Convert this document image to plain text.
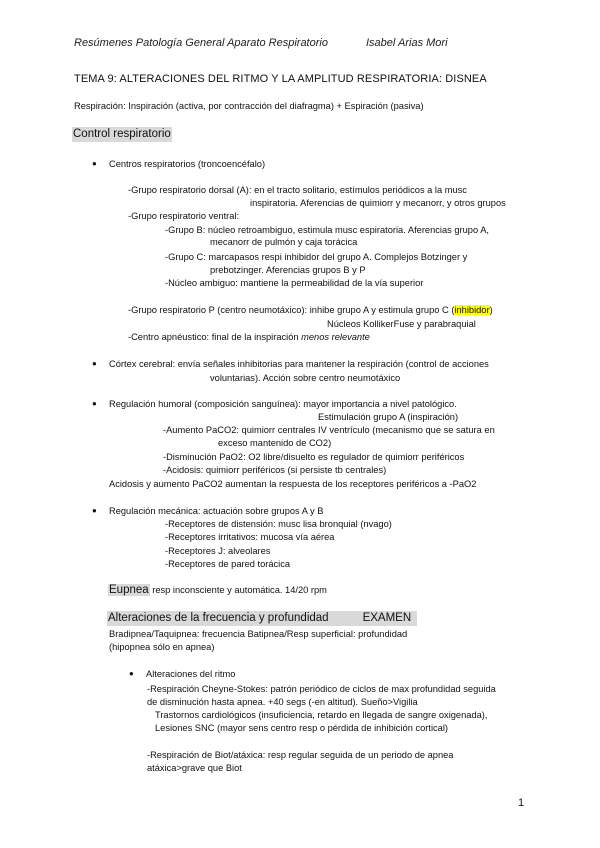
Resúmenes Patología General Aparato Respiratorio	Isabel Arias Mori
TEMA 9: ALTERACIONES DEL RITMO Y LA AMPLITUD RESPIRATORIA: DISNEA
Respiración: Inspiración (activa, por contracción del diafragma) + Espiración (pasiva)
Control respiratorio
● Centros respiratorios (troncoencéfalo)
-Grupo respiratorio dorsal (A): en el tracto solitario, estímulos periódicos a la musc
inspiratoria. Aferencias de quimiorr y mecanorr, y otros grupos
-Grupo respiratorio ventral:
-Grupo B: núcleo retroambiguo, estimula musc espiratoria. Aferencias grupo A,
mecanorr de pulmón y caja torácica
-Grupo C: marcapasos respi inhibidor del grupo A. Complejos Botzinger y
prebotzinger. Aferencias grupos B y P
-Núcleo ambiguo: mantiene la permeabilidad de la vía superior
-Grupo respiratorio P (centro neumotáxico): inhibe grupo A y estimula grupo C (inhibidor)
Núcleos KollikerFuse y parabraquial
-Centro apnéustico: final de la inspiración menos relevante
● Córtex cerebral: envía señales inhibitorias para mantener la respiración (control de acciones
voluntarias). Acción sobre centro neumotáxico
● Regulación humoral (composición sanguínea): mayor importancia a nivel patológico.
Estimulación grupo A (inspiración)
-Aumento PaCO2: quimiorr centrales IV ventrículo (mecanismo que se satura en
exceso mantenido de CO2)
-Disminución PaO2: O2 libre/disuelto es regulador de quimiorr periféricos
-Acidosis: quimiorr periféricos (si persiste tb centrales)
Acidosis y aumento PaCO2 aumentan la respuesta de los receptores periféricos a -PaO2
● Regulación mecánica: actuación sobre grupos A y B
-Receptores de distensión: musc lisa bronquial (nvago)
-Receptores irritativos: mucosa vía aérea
-Receptores J: alveolares
-Receptores de pared torácica
Eupnea resp inconsciente y automática. 14/20 rpm
Alteraciones de la frecuencia y profundidad	EXAMEN
Bradipnea/Taquipnea: frecuencia Batipnea/Resp superficial: profundidad
(hipopnea sólo en apnea)
● Alteraciones del ritmo
-Respiración Cheyne-Stokes: patrón periódico de ciclos de max profundidad seguida
de disminución hasta apnea. +40 segs (-en altitud). Sueño>Vigilia
Trastornos cardiológicos (insuficiencia, retardo en llegada de sangre oxigenada),
Lesiones SNC (mayor sens centro resp o pérdida de inhibición cortical)
-Respiración de Biot/atáxica: resp regular seguida de un periodo de apnea
atáxica>grave que Biot
1
